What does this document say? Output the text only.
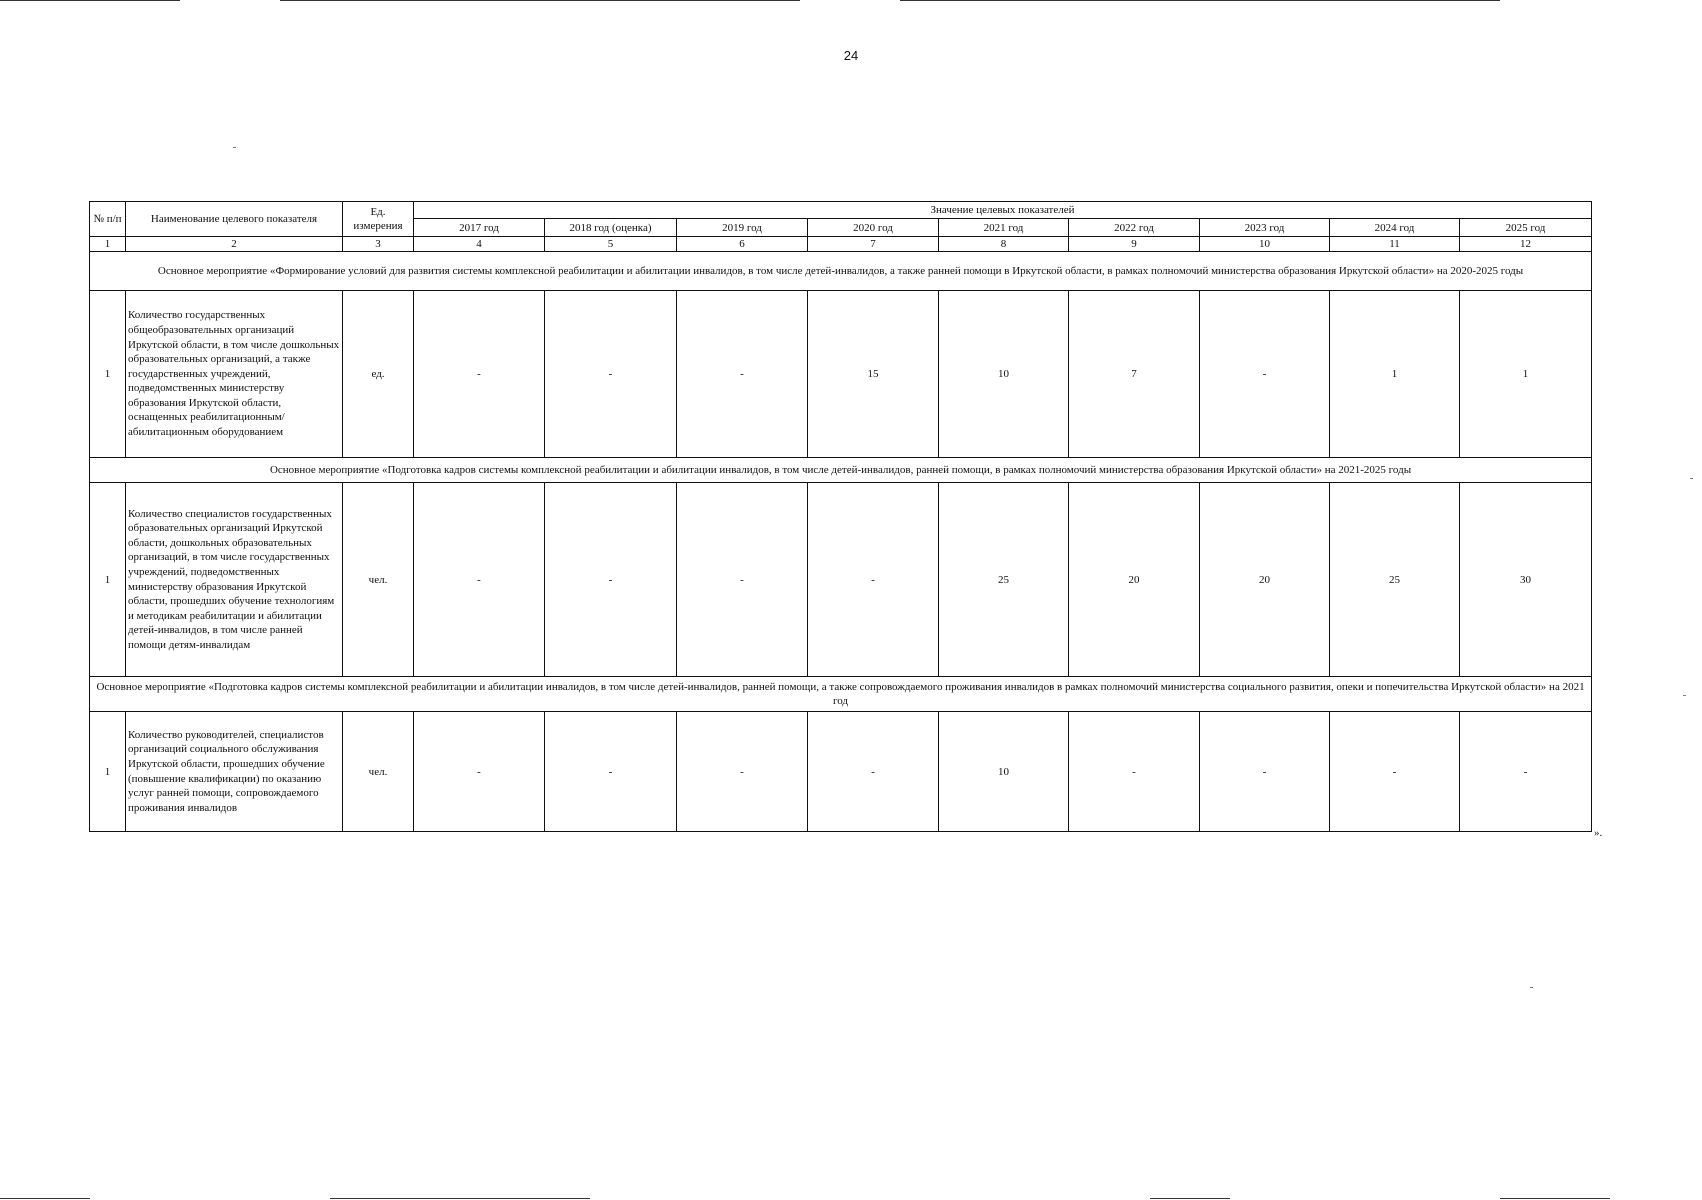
24
№ п/п	Наименование целевого показателя	Ед. измерения	Значение целевых показателей								
			2017 год	2018 год (оценка)	2019 год	2020 год	2021 год	2022 год	2023 год	2024 год	2025 год
1	2	3	4	5	6	7	8	9	10	11	12
Основное мероприятие «Формирование условий для развития системы комплексной реабилитации и абилитации инвалидов, в том числе детей-инвалидов, а также ранней помощи в Иркутской области, в рамках полномочий министерства образования Иркутской области» на 2020-2025 годы											
1	Количество государственных общеобразовательных организаций Иркутской области, в том числе дошкольных образовательных организаций, а также государственных учреждений, подведомственных министерству образования Иркутской области, оснащенных реабилитационным/абилитационным оборудованием	ед.	-	-	-	15	10	7	-	1	1
Основное мероприятие «Подготовка кадров системы комплексной реабилитации и абилитации инвалидов, в том числе детей-инвалидов, ранней помощи, в рамках полномочий министерства образования Иркутской области» на 2021-2025 годы											
1	Количество специалистов государственных образовательных организаций Иркутской области, дошкольных образовательных организаций, в том числе государственных учреждений, подведомственных министерству образования Иркутской области, прошедших обучение технологиям и методикам реабилитации и абилитации детей-инвалидов, в том числе ранней помощи детям-инвалидам	чел.	-	-	-	-	25	20	20	25	30
Основное мероприятие «Подготовка кадров системы комплексной реабилитации и абилитации инвалидов, в том числе детей-инвалидов, ранней помощи, а также сопровождаемого проживания инвалидов в рамках полномочий министерства социального развития, опеки и попечительства Иркутской области» на 2021 год											
1	Количество руководителей, специалистов организаций социального обслуживания Иркутской области, прошедших обучение (повышение квалификации) по оказанию услуг ранней помощи, сопровождаемого проживания инвалидов	чел.	-	-	-	-	10	-	-	-	-
».
